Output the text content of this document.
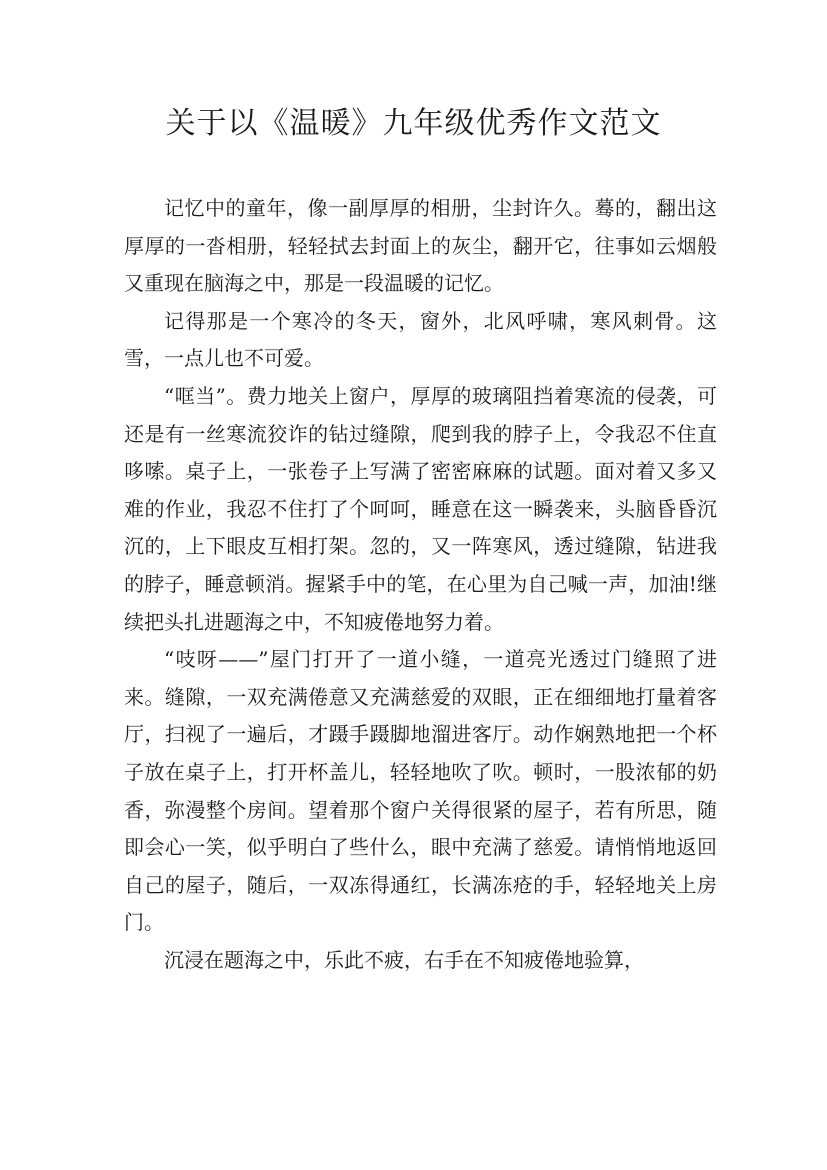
关于以《温暖》九年级优秀作文范文

记忆中的童年，像一副厚厚的相册，尘封许久。蓦的，翻出这厚厚的一沓相册，轻轻拭去封面上的灰尘，翻开它，往事如云烟般又重现在脑海之中，那是一段温暖的记忆。

记得那是一个寒冷的冬天，窗外，北风呼啸，寒风刺骨。这雪，一点儿也不可爱。

“哐当”。费力地关上窗户，厚厚的玻璃阻挡着寒流的侵袭，可还是有一丝寒流狡诈的钻过缝隙，爬到我的脖子上，令我忍不住直哆嗦。桌子上，一张卷子上写满了密密麻麻的试题。面对着又多又难的作业，我忍不住打了个呵呵，睡意在这一瞬袭来，头脑昏昏沉沉的，上下眼皮互相打架。忽的，又一阵寒风，透过缝隙，钻进我的脖子，睡意顿消。握紧手中的笔，在心里为自己喊一声，加油!继续把头扎进题海之中，不知疲倦地努力着。

“吱呀——”屋门打开了一道小缝，一道亮光透过门缝照了进来。缝隙，一双充满倦意又充满慈爱的双眼，正在细细地打量着客厅，扫视了一遍后，才蹑手蹑脚地溜进客厅。动作娴熟地把一个杯子放在桌子上，打开杯盖儿，轻轻地吹了吹。顿时，一股浓郁的奶香，弥漫整个房间。望着那个窗户关得很紧的屋子，若有所思，随即会心一笑，似乎明白了些什么，眼中充满了慈爱。请悄悄地返回自己的屋子，随后，一双冻得通红，长满冻疮的手，轻轻地关上房门。

沉浸在题海之中，乐此不疲，右手在不知疲倦地验算，
